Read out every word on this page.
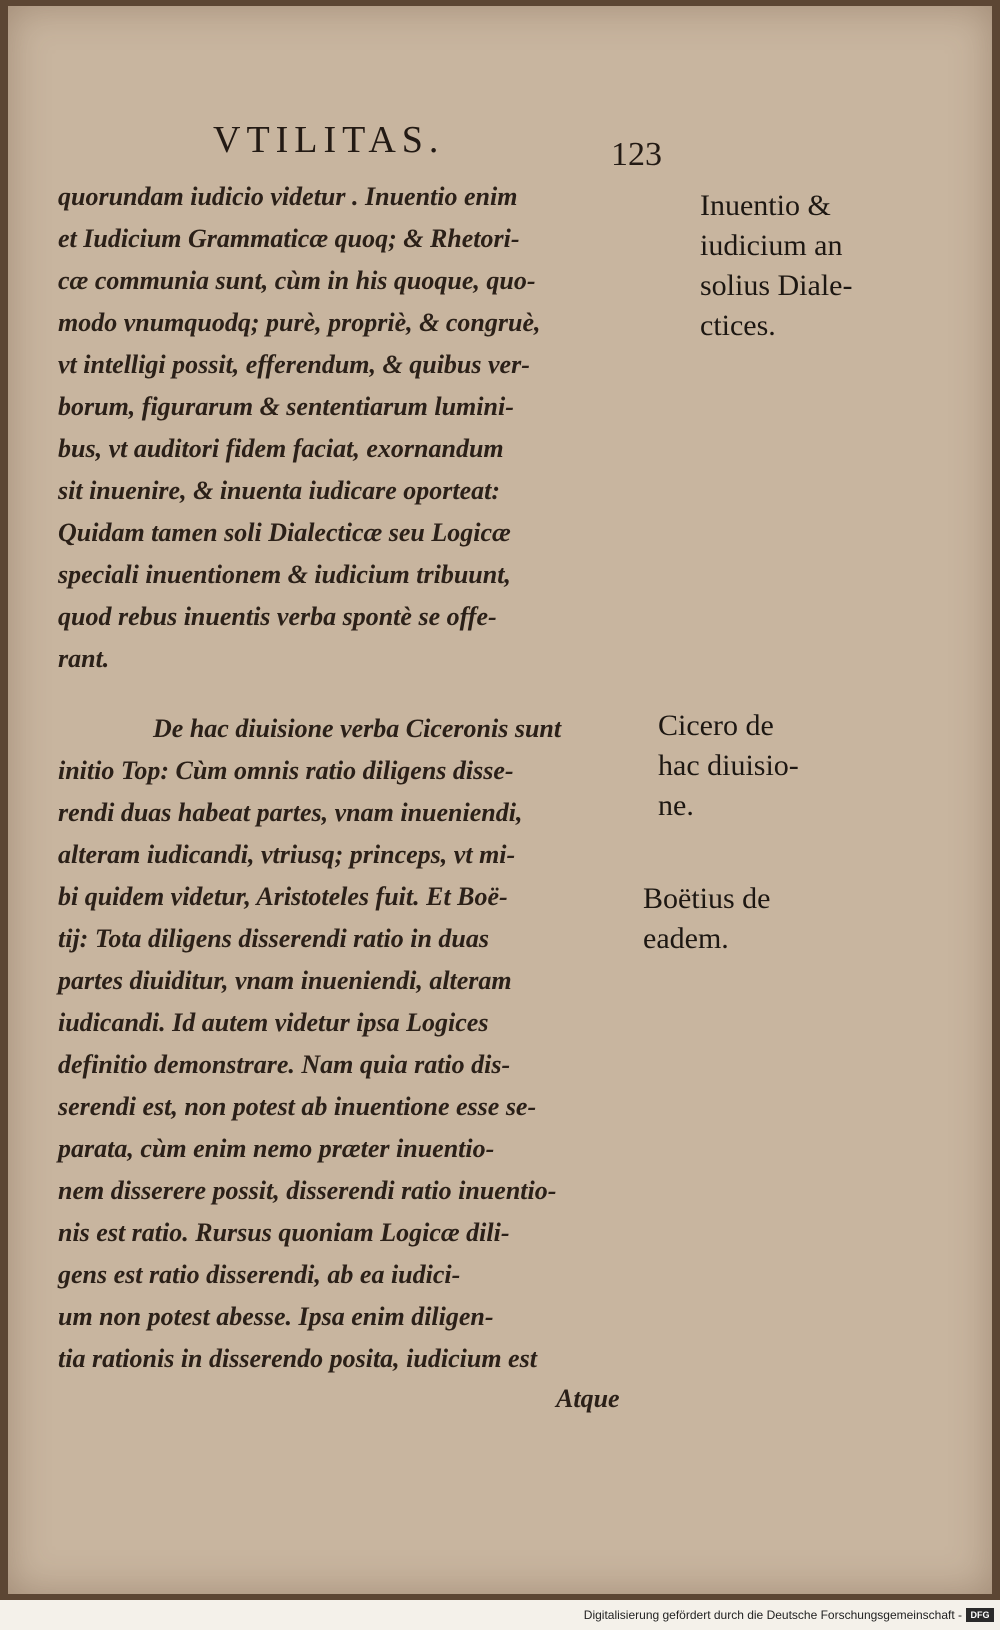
VTILITAS.	123
quorundam iudicio videtur . Inuentio enim
et Iudicium Grammaticæ quoq; & Rhetori-
cæ communia sunt, cùm in his quoque, quo-
modo vnumquodq; purè, propriè, & congruè,
vt intelligi possit, efferendum, & quibus ver-
borum, figurarum & sententiarum lumini-
bus, vt auditori fidem faciat, exornandum
sit inuenire, & inuenta iudicare oporteat:
Quidam tamen soli Dialecticæ seu Logicæ
speciali inuentionem & iudicium tribuunt,
quod rebus inuentis verba spontè se offe-
rant.
De hac diuisione verba Ciceronis sunt
initio Top: Cùm omnis ratio diligens disse-
rendi duas habeat partes, vnam inueniendi,
alteram iudicandi, vtriusq; princeps, vt mi-
bi quidem videtur, Aristoteles fuit. Et Boë-
tij: Tota diligens disserendi ratio in duas
partes diuiditur, vnam inueniendi, alteram
iudicandi. Id autem videtur ipsa Logices
definitio demonstrare. Nam quia ratio dis-
serendi est, non potest ab inuentione esse se-
parata, cùm enim nemo præter inuentio-
nem disserere possit, disserendi ratio inuentio-
nis est ratio. Rursus quoniam Logicæ dili-
gens est ratio disserendi, ab ea iudici-
um non potest abesse. Ipsa enim diligen-
tia rationis in disserendo posita, iudicium est
Atque
Inuentio &
iudicium an
solius Diale-
ctices.
Cicero de
hac diuisio-
ne.
Boëtius de
eadem.
Digitalisierung gefördert durch die Deutsche Forschungsgemeinschaft - DFG
